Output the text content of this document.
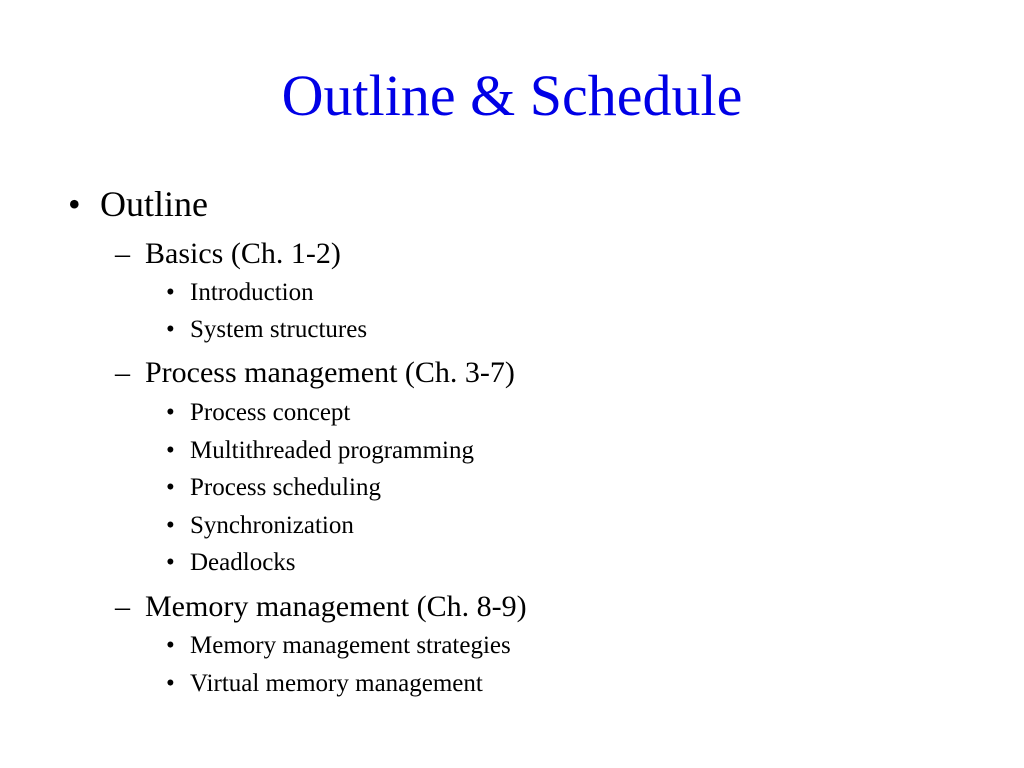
Outline & Schedule
• Outline
– Basics (Ch. 1-2)
• Introduction
• System structures
– Process management (Ch. 3-7)
• Process concept
• Multithreaded programming
• Process scheduling
• Synchronization
• Deadlocks
– Memory management (Ch. 8-9)
• Memory management strategies
• Virtual memory management
